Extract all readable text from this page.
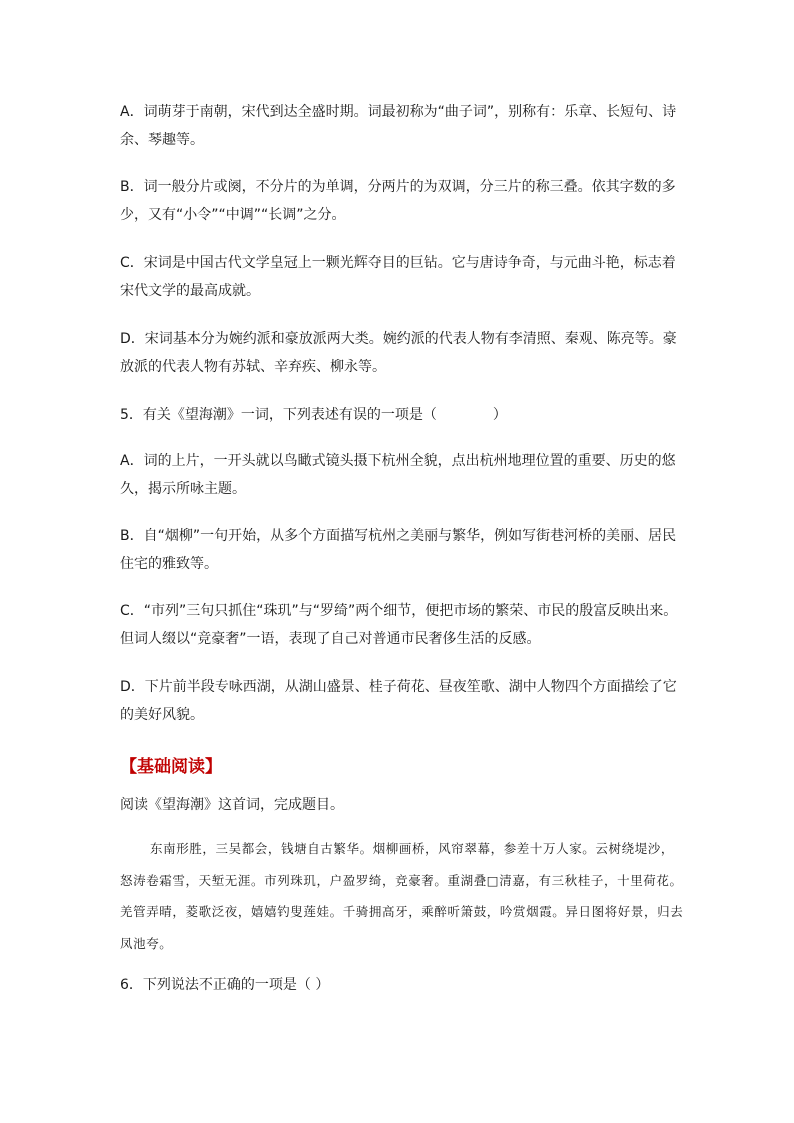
A．词萌芽于南朝，宋代到达全盛时期。词最初称为“曲子词”，别称有：乐章、长短句、诗余、琴趣等。

B．词一般分片或阕，不分片的为单调，分两片的为双调，分三片的称三叠。依其字数的多少，又有“小令”“中调”“长调”之分。

C．宋词是中国古代文学皇冠上一颗光辉夺目的巨钻。它与唐诗争奇，与元曲斗艳，标志着宋代文学的最高成就。

D．宋词基本分为婉约派和豪放派两大类。婉约派的代表人物有李清照、秦观、陈亮等。豪放派的代表人物有苏轼、辛弃疾、柳永等。

5．有关《望海潮》一词，下列表述有误的一项是（　　　　）

A．词的上片，一开头就以鸟瞰式镜头摄下杭州全貌，点出杭州地理位置的重要、历史的悠久，揭示所咏主题。

B．自“烟柳”一句开始，从多个方面描写杭州之美丽与繁华，例如写街巷河桥的美丽、居民住宅的雅致等。

C．“市列”三句只抓住“珠玑”与“罗绮”两个细节，便把市场的繁荣、市民的殷富反映出来。但词人缀以“竞豪奢”一语，表现了自己对普通市民奢侈生活的反感。

D．下片前半段专咏西湖，从湖山盛景、桂子荷花、昼夜笙歌、湖中人物四个方面描绘了它的美好风貌。

【基础阅读】

阅读《望海潮》这首词，完成题目。

东南形胜，三吴都会，钱塘自古繁华。烟柳画桥，风帘翠幕，参差十万人家。云树绕堤沙，怒涛卷霜雪，天堑无涯。市列珠玑，户盈罗绮，竞豪奢。重湖叠□清嘉，有三秋桂子，十里荷花。羌管弄晴，菱歌泛夜，嬉嬉钓叟莲娃。千骑拥高牙，乘醉听箫鼓，吟赏烟霞。异日图将好景，归去凤池夸。

6．下列说法不正确的一项是（ ）
